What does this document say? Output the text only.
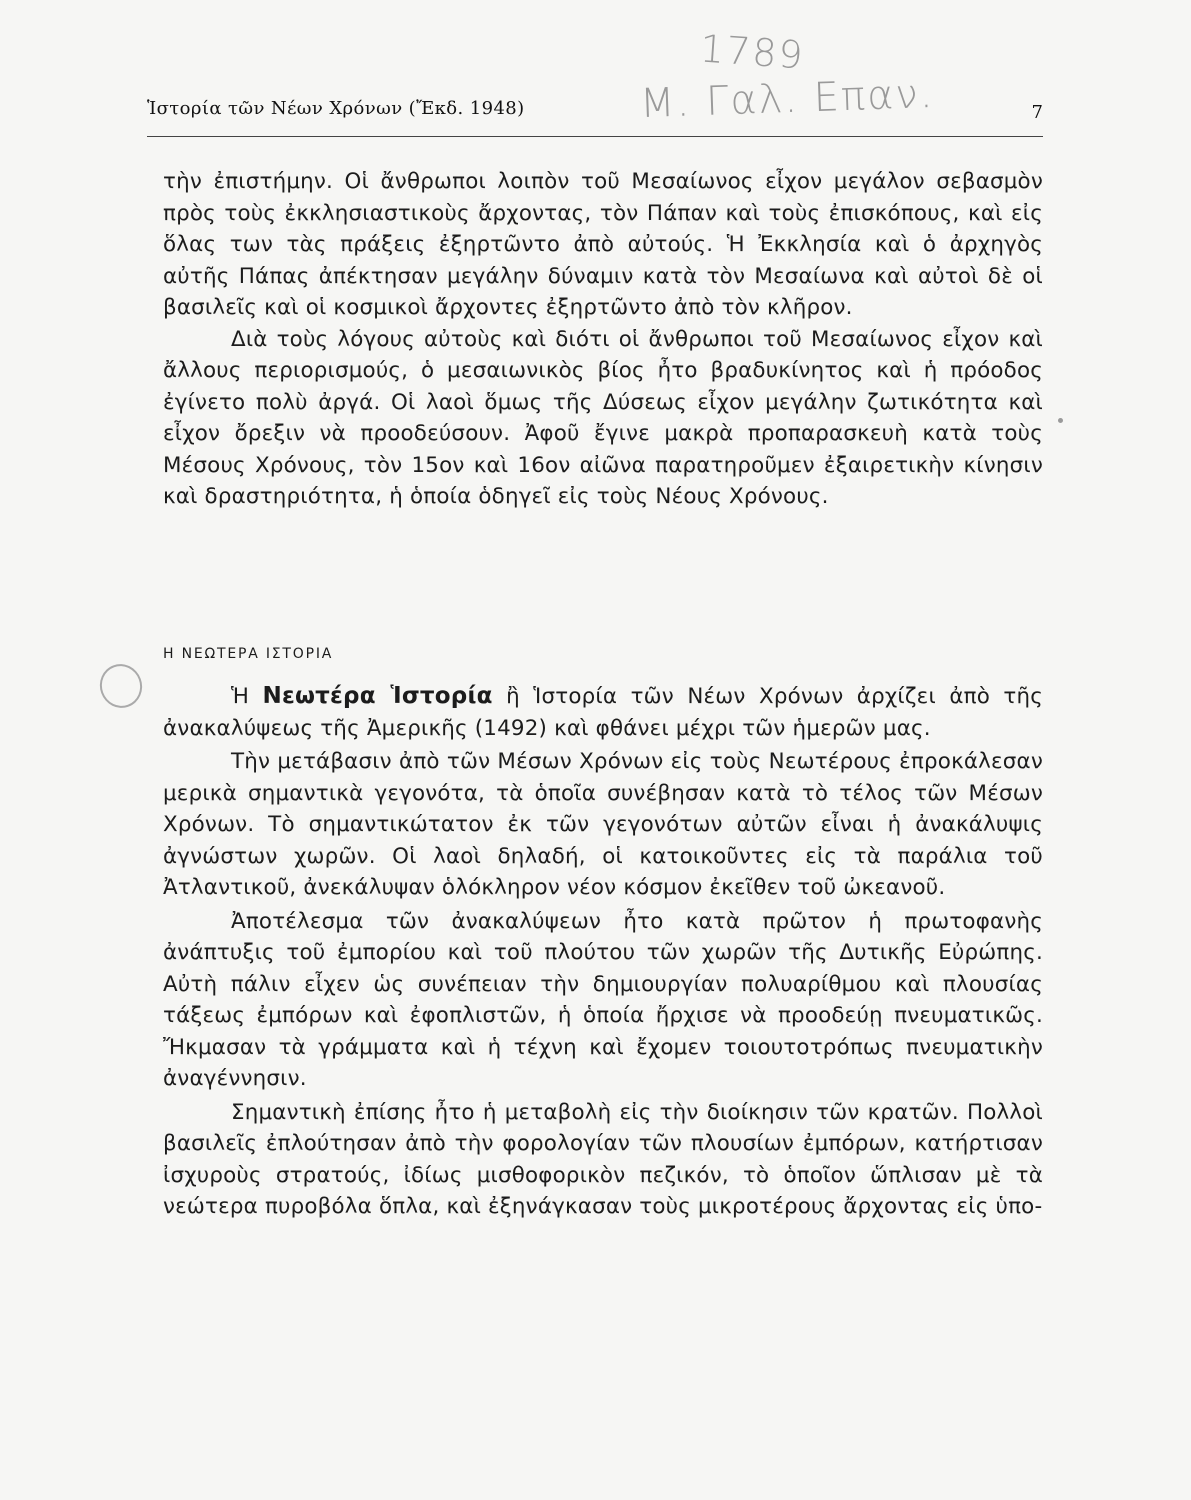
Ἱστορία τῶν Νέων Χρόνων (Ἔκδ. 1948)	7
1789
Μ. Γαλ. Επαν.

τὴν ἐπιστήμην. Οἱ ἄνθρωποι λοιπὸν τοῦ Μεσαίωνος εἶχον μεγάλον σεβασμὸν πρὸς τοὺς ἐκκλησιαστικοὺς ἄρχοντας, τὸν Πάπαν καὶ τοὺς ἐπισκόπους, καὶ εἰς ὅλας των τὰς πράξεις ἐξηρτῶντο ἀπὸ αὐτούς. Ἡ Ἐκκλησία καὶ ὁ ἀρχηγὸς αὐτῆς Πάπας ἀπέκτησαν μεγάλην δύναμιν κατὰ τὸν Μεσαίωνα καὶ αὐτοὶ δὲ οἱ βασιλεῖς καὶ οἱ κοσμικοὶ ἄρχοντες ἐξηρτῶντο ἀπὸ τὸν κλῆρον.

Διὰ τοὺς λόγους αὐτοὺς καὶ διότι οἱ ἄνθρωποι τοῦ Μεσαίωνος εἶχον καὶ ἄλλους περιορισμούς, ὁ μεσαιωνικὸς βίος ἦτο βραδυκίνητος καὶ ἡ πρόοδος ἐγίνετο πολὺ ἀργά. Οἱ λαοὶ ὅμως τῆς Δύσεως εἶχον μεγάλην ζωτικότητα καὶ εἶχον ὄρεξιν νὰ προοδεύσουν. Ἀφοῦ ἔγινε μακρὰ προπαρασκευὴ κατὰ τοὺς Μέσους Χρόνους, τὸν 15ον καὶ 16ον αἰῶνα παρατηροῦμεν ἐξαιρετικὴν κίνησιν καὶ δραστηριότητα, ἡ ὁποία ὁδηγεῖ εἰς τοὺς Νέους Χρόνους.

Η ΝΕΩΤΕΡΑ ΙΣΤΟΡΙΑ

Ἡ Νεωτέρα Ἱστορία ἢ Ἱστορία τῶν Νέων Χρόνων ἀρχίζει ἀπὸ τῆς ἀνακαλύψεως τῆς Ἀμερικῆς (1492) καὶ φθάνει μέχρι τῶν ἡμερῶν μας.

Τὴν μετάβασιν ἀπὸ τῶν Μέσων Χρόνων εἰς τοὺς Νεωτέρους ἐπροκάλεσαν μερικὰ σημαντικὰ γεγονότα, τὰ ὁποῖα συνέβησαν κατὰ τὸ τέλος τῶν Μέσων Χρόνων. Τὸ σημαντικώτατον ἐκ τῶν γεγονότων αὐτῶν εἶναι ἡ ἀνακάλυψις ἀγνώστων χωρῶν. Οἱ λαοὶ δηλαδή, οἱ κατοικοῦντες εἰς τὰ παράλια τοῦ Ἀτλαντικοῦ, ἀνεκάλυψαν ὁλόκληρον νέον κόσμον ἐκεῖθεν τοῦ ὠκεανοῦ.

Ἀποτέλεσμα τῶν ἀνακαλύψεων ἦτο κατὰ πρῶτον ἡ πρωτοφανὴς ἀνάπτυξις τοῦ ἐμπορίου καὶ τοῦ πλούτου τῶν χωρῶν τῆς Δυτικῆς Εὐρώπης. Αὐτὴ πάλιν εἶχεν ὡς συνέπειαν τὴν δημιουργίαν πολυαρίθμου καὶ πλουσίας τάξεως ἐμπόρων καὶ ἐφοπλιστῶν, ἡ ὁποία ἤρχισε νὰ προοδεύῃ πνευματικῶς. Ἤκμασαν τὰ γράμματα καὶ ἡ τέχνη καὶ ἔχομεν τοιουτοτρόπως πνευματικὴν ἀναγέννησιν.

Σημαντικὴ ἐπίσης ἦτο ἡ μεταβολὴ εἰς τὴν διοίκησιν τῶν κρατῶν. Πολλοὶ βασιλεῖς ἐπλούτησαν ἀπὸ τὴν φορολογίαν τῶν πλουσίων ἐμπόρων, κατήρτισαν ἰσχυροὺς στρατούς, ἰδίως μισθοφορικὸν πεζικόν, τὸ ὁποῖον ὥπλισαν μὲ τὰ νεώτερα πυροβόλα ὅπλα, καὶ ἐξηνάγκασαν τοὺς μικροτέρους ἄρχοντας εἰς ὑπο-
